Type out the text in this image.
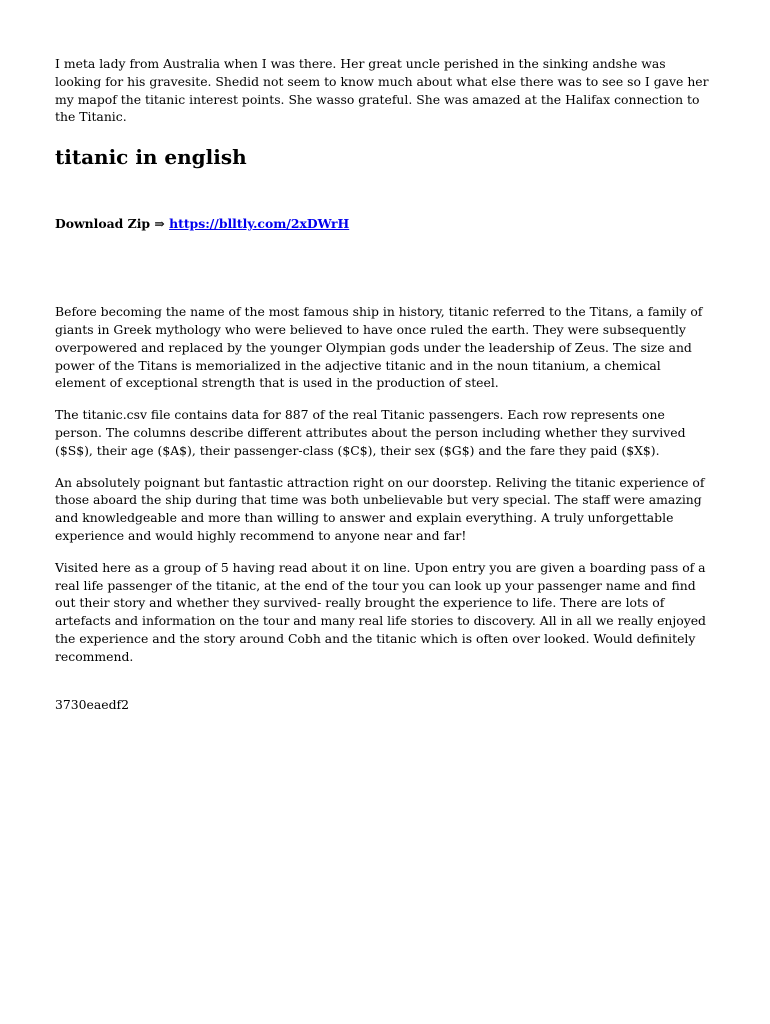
I meta lady from Australia when I was there. Her great uncle perished in the sinking andshe was looking for his gravesite. Shedid not seem to know much about what else there was to see so I gave her my mapof the titanic interest points. She wasso grateful. She was amazed at the Halifax connection to the Titanic.

titanic in english
Download Zip ⇒ https://blltly.com/2xDWrH

Before becoming the name of the most famous ship in history, titanic referred to the Titans, a family of giants in Greek mythology who were believed to have once ruled the earth. They were subsequently overpowered and replaced by the younger Olympian gods under the leadership of Zeus. The size and power of the Titans is memorialized in the adjective titanic and in the noun titanium, a chemical element of exceptional strength that is used in the production of steel.

The titanic.csv file contains data for 887 of the real Titanic passengers. Each row represents one person. The columns describe different attributes about the person including whether they survived ($S$), their age ($A$), their passenger-class ($C$), their sex ($G$) and the fare they paid ($X$).

An absolutely poignant but fantastic attraction right on our doorstep. Reliving the titanic experience of those aboard the ship during that time was both unbelievable but very special. The staff were amazing and knowledgeable and more than willing to answer and explain everything. A truly unforgettable experience and would highly recommend to anyone near and far!

Visited here as a group of 5 having read about it on line. Upon entry you are given a boarding pass of a real life passenger of the titanic, at the end of the tour you can look up your passenger name and find out their story and whether they survived- really brought the experience to life. There are lots of artefacts and information on the tour and many real life stories to discovery. All in all we really enjoyed the experience and the story around Cobh and the titanic which is often over looked. Would definitely recommend.

3730eaedf2
